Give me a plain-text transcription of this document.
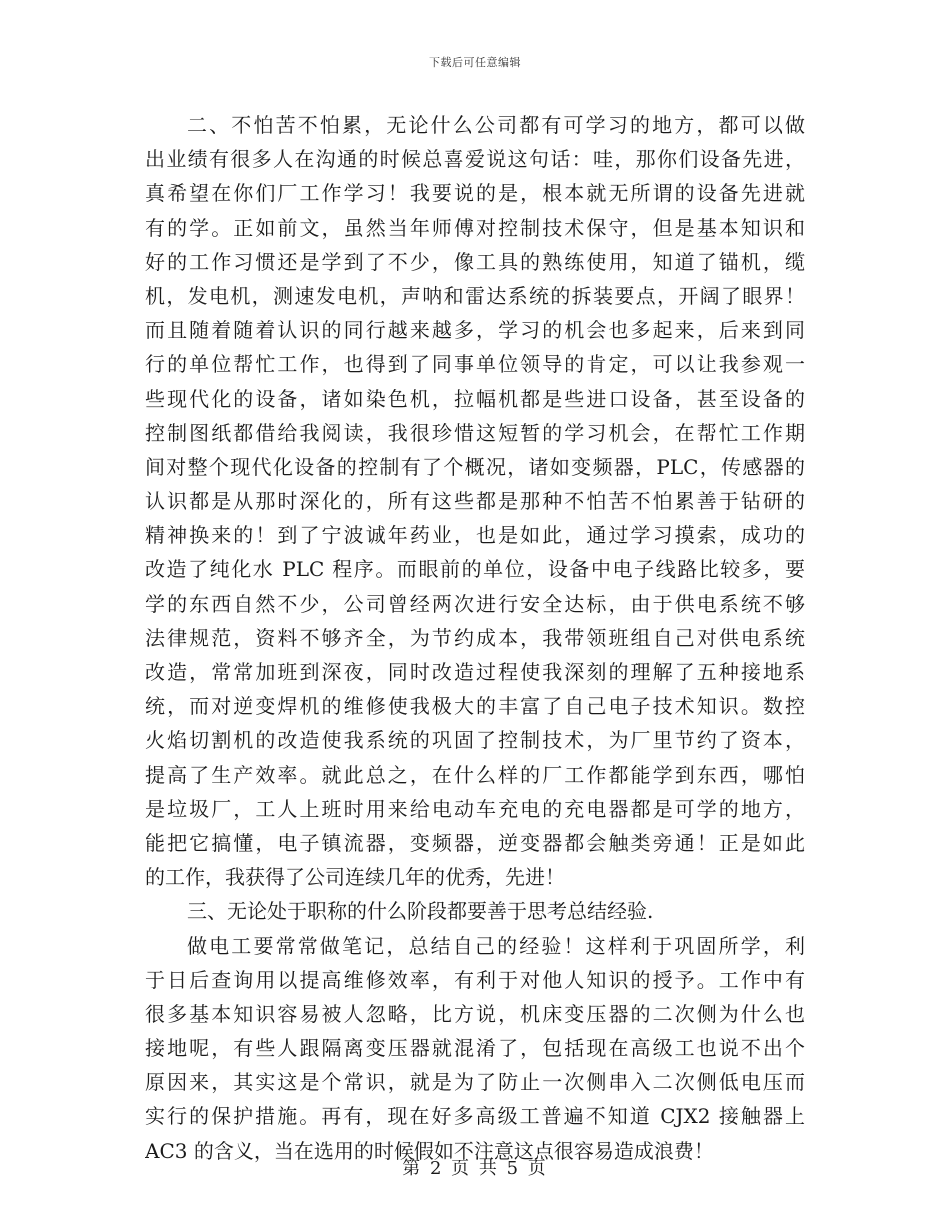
下载后可任意编辑
二、不怕苦不怕累，无论什么公司都有可学习的地方，都可以做
出业绩有很多人在沟通的时候总喜爱说这句话：哇，那你们设备先进，
真希望在你们厂工作学习！我要说的是，根本就无所谓的设备先进就
有的学。正如前文，虽然当年师傅对控制技术保守，但是基本知识和
好的工作习惯还是学到了不少，像工具的熟练使用，知道了锚机，缆
机，发电机，测速发电机，声呐和雷达系统的拆装要点，开阔了眼界！
而且随着随着认识的同行越来越多，学习的机会也多起来，后来到同
行的单位帮忙工作，也得到了同事单位领导的肯定，可以让我参观一
些现代化的设备，诸如染色机，拉幅机都是些进口设备，甚至设备的
控制图纸都借给我阅读，我很珍惜这短暂的学习机会，在帮忙工作期
间对整个现代化设备的控制有了个概况，诸如变频器，PLC，传感器的
认识都是从那时深化的，所有这些都是那种不怕苦不怕累善于钻研的
精神换来的！到了宁波诚年药业，也是如此，通过学习摸索，成功的
改造了纯化水 PLC 程序。而眼前的单位，设备中电子线路比较多，要
学的东西自然不少，公司曾经两次进行安全达标，由于供电系统不够
法律规范，资料不够齐全，为节约成本，我带领班组自己对供电系统
改造，常常加班到深夜，同时改造过程使我深刻的理解了五种接地系
统，而对逆变焊机的维修使我极大的丰富了自己电子技术知识。数控
火焰切割机的改造使我系统的巩固了控制技术，为厂里节约了资本，
提高了生产效率。就此总之，在什么样的厂工作都能学到东西，哪怕
是垃圾厂，工人上班时用来给电动车充电的充电器都是可学的地方，
能把它搞懂，电子镇流器，变频器，逆变器都会触类旁通！正是如此
的工作，我获得了公司连续几年的优秀，先进！
三、无论处于职称的什么阶段都要善于思考总结经验.
做电工要常常做笔记，总结自己的经验！这样利于巩固所学，利
于日后查询用以提高维修效率，有利于对他人知识的授予。工作中有
很多基本知识容易被人忽略，比方说，机床变压器的二次侧为什么也
接地呢，有些人跟隔离变压器就混淆了，包括现在高级工也说不出个
原因来，其实这是个常识，就是为了防止一次侧串入二次侧低电压而
实行的保护措施。再有，现在好多高级工普遍不知道 CJX2 接触器上
AC3 的含义，当在选用的时候假如不注意这点很容易造成浪费！
第 2 页 共 5 页
